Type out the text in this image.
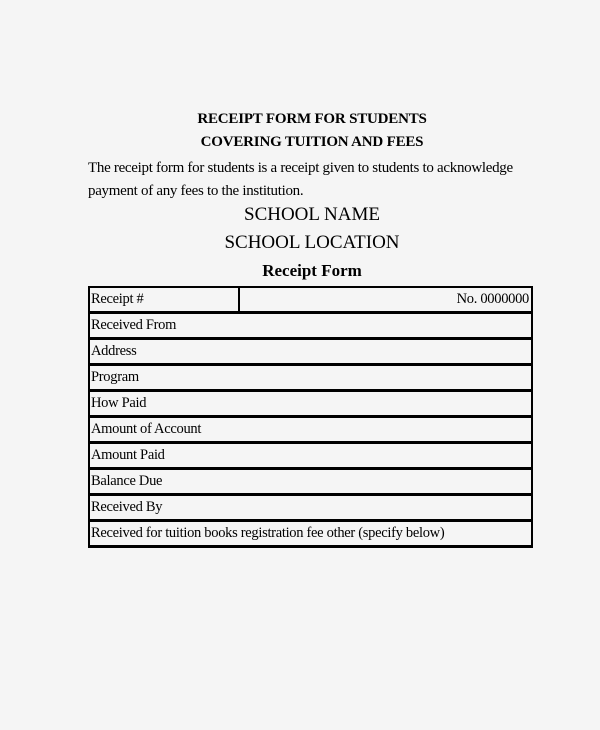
RECEIPT FORM FOR STUDENTS
COVERING TUITION AND FEES
The receipt form for students is a receipt given to students to acknowledge payment of any fees to the institution.
SCHOOL NAME
SCHOOL LOCATION
Receipt Form
Receipt #	No. 0000000
Received From
Address
Program
How Paid
Amount of Account
Amount Paid
Balance Due
Received By
Received for tuition books registration fee other (specify below)
